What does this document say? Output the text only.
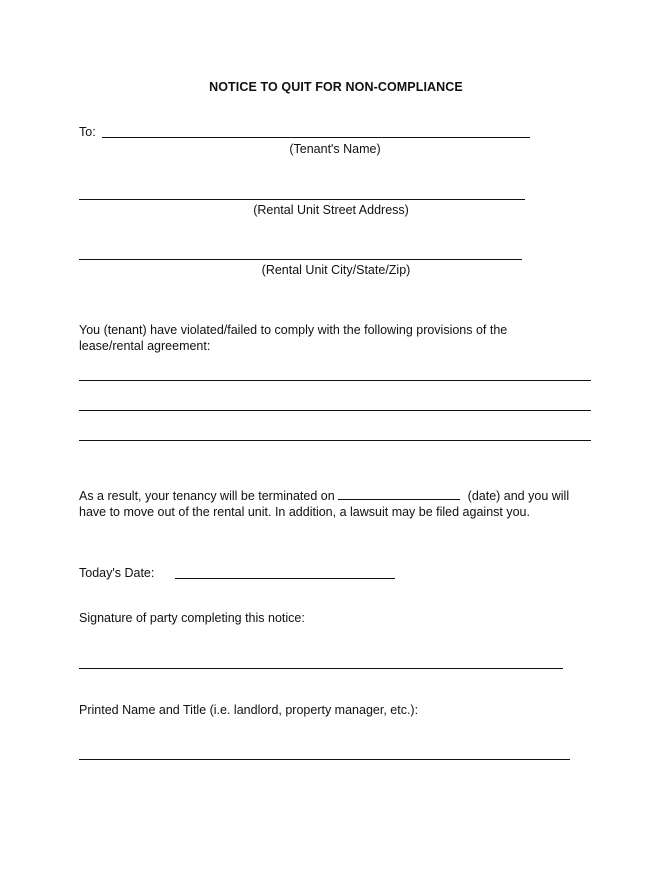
NOTICE TO QUIT FOR NON-COMPLIANCE
To:
(Tenant's Name)
(Rental Unit Street Address)
(Rental Unit City/State/Zip)
You (tenant) have violated/failed to comply with the following provisions of the lease/rental agreement:
As a result, your tenancy will be terminated on	(date) and you will have to move out of the rental unit. In addition, a lawsuit may be filed against you.
Today's Date:
Signature of party completing this notice:
Printed Name and Title (i.e. landlord, property manager, etc.):
